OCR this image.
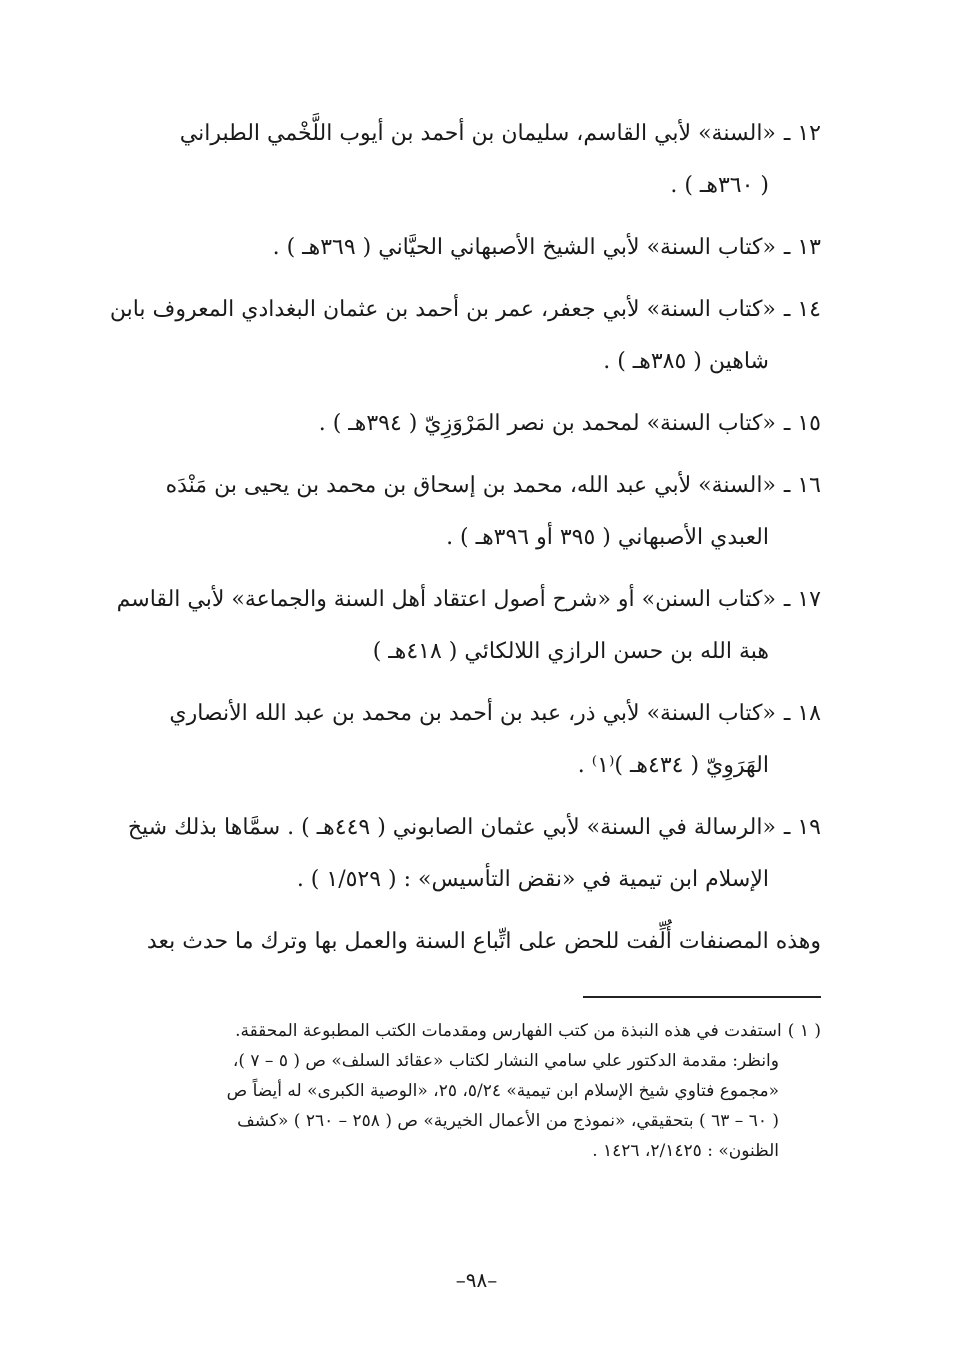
١٢ ـ«السنة» لأبي القاسم، سليمان بن أحمد بن أيوب اللَّخْمي الطبراني
( ٣٦٠هـ ) .
١٣ ـ«كتاب السنة» لأبي الشيخ الأصبهاني الحيَّاني ( ٣٦٩هـ ) .
١٤ ـ«كتاب السنة» لأبي جعفر، عمر بن أحمد بن عثمان البغدادي المعروف بابن
شاهين ( ٣٨٥هـ ) .
١٥ ـ«كتاب السنة» لمحمد بن نصر المَرْوَزِيّ ( ٣٩٤هـ ) .
١٦ ـ«السنة» لأبي عبد الله، محمد بن إسحاق بن محمد بن يحيى بن مَنْدَه
العبدي الأصبهاني ( ٣٩٥ أو ٣٩٦هـ ) .
١٧ ـ«كتاب السنن» أو «شرح أصول اعتقاد أهل السنة والجماعة» لأبي القاسم
هبة الله بن حسن الرازي اللالكائي ( ٤١٨هـ )
١٨ ـ«كتاب السنة» لأبي ذر، عبد بن أحمد بن محمد بن عبد الله الأنصاري
الهَرَوِيّ ( ٤٣٤هـ )⁽١⁾ .
١٩ ـ«الرسالة في السنة» لأبي عثمان الصابوني ( ٤٤٩هـ ) . سمَّاها بذلك شيخ
الإسلام ابن تيمية في «نقض التأسيس» : ( ١/٥٢٩ ) .
وهذه المصنفات أُلِّفت للحض على اتِّباع السنة والعمل بها وترك ما حدث بعد

( ١ )استفدت في هذه النبذة من كتب الفهارس ومقدمات الكتب المطبوعة المحققة.

وانظر: مقدمة الدكتور علي سامي النشار لكتاب «عقائد السلف» ص ( ٥ – ٧ )،

«مجموع فتاوي شيخ الإسلام ابن تيمية» ٥/٢٤، ٢٥، «الوصية الكبرى» له أيضاً ص

( ٦٠ – ٦٣ ) بتحقيقي، «نموذج من الأعمال الخيرية» ص ( ٢٥٨ – ٢٦٠ ) «كشف

الظنون» : ٢/١٤٢٥، ١٤٢٦ .

–٩٨–
